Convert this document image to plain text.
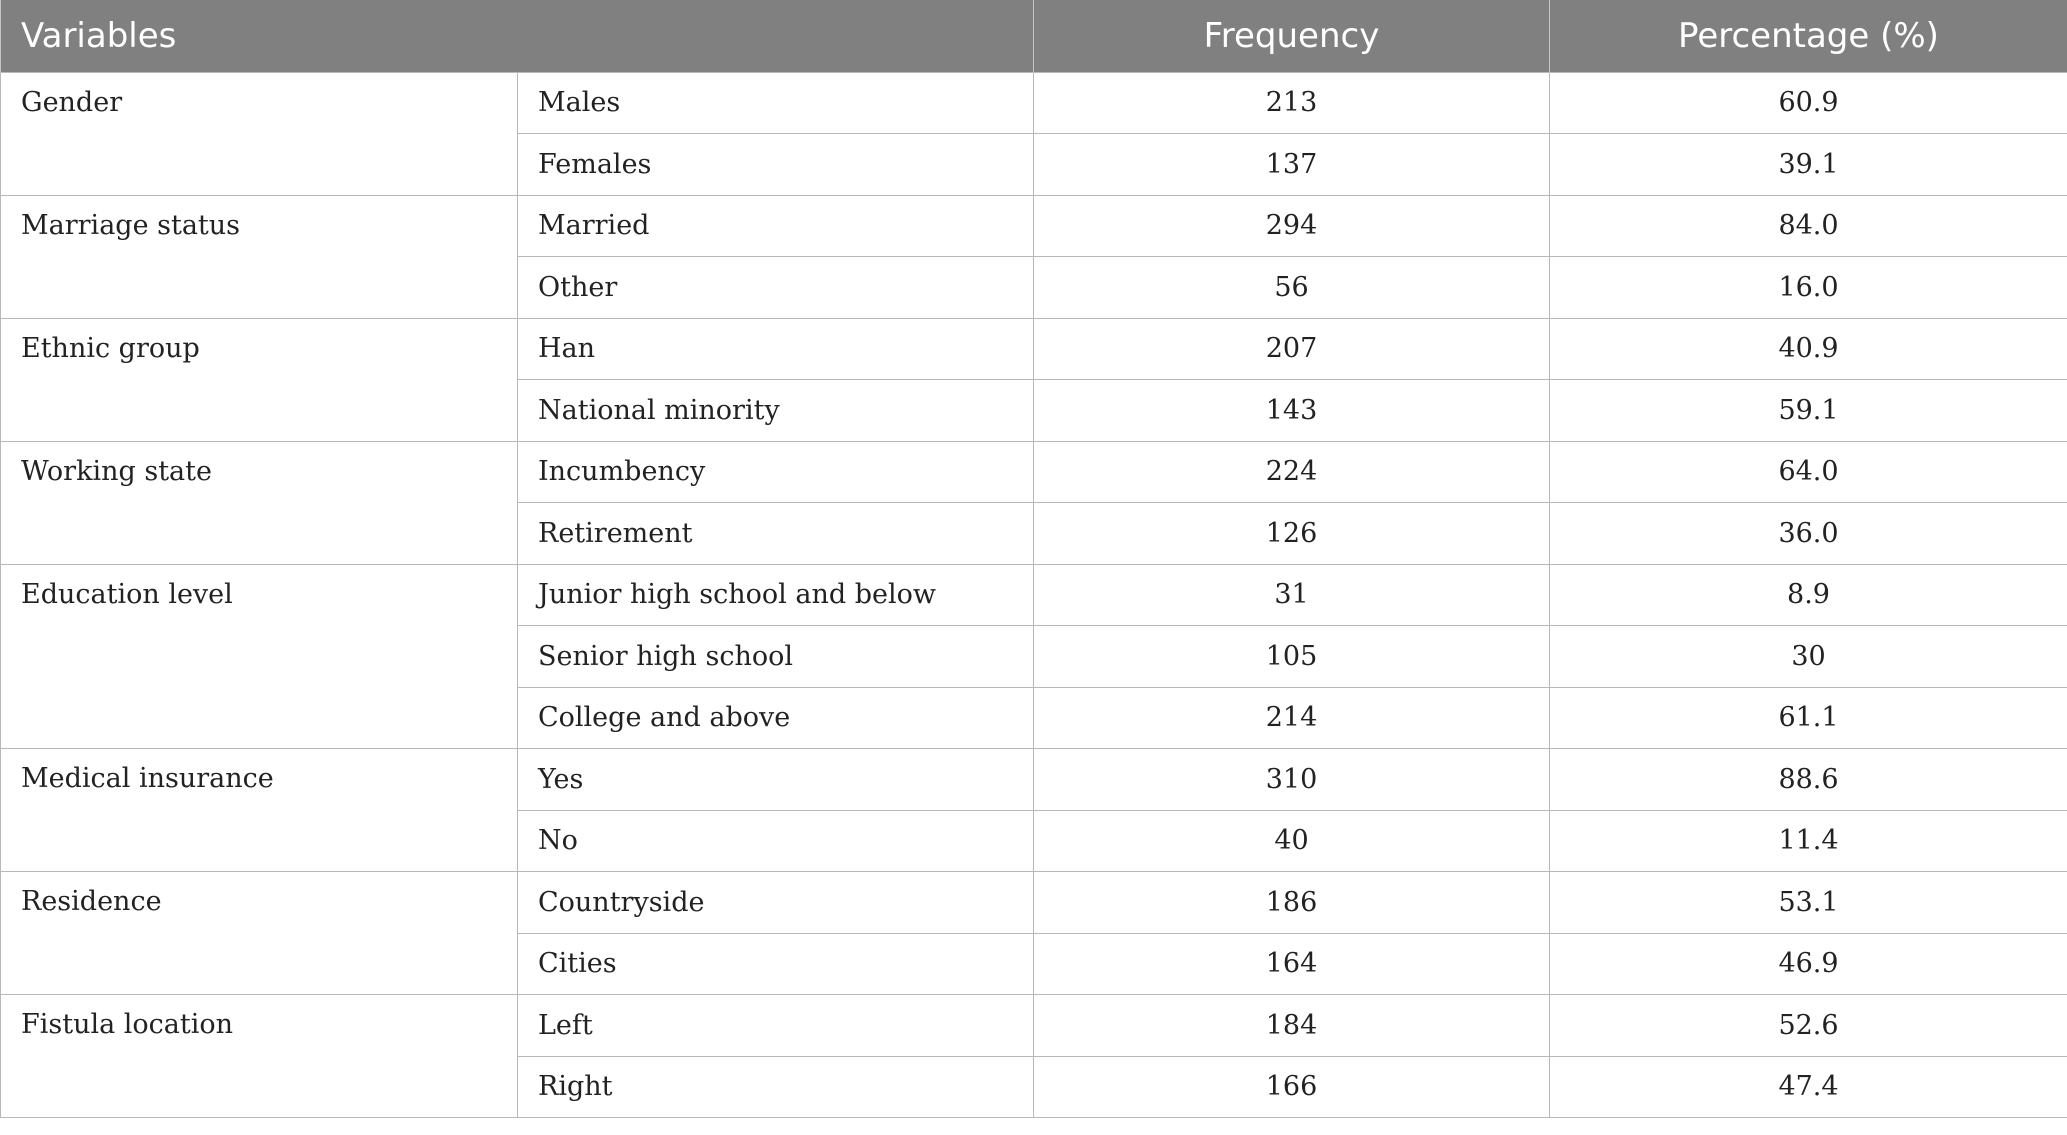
Variables		Frequency	Percentage (%)
Gender	Males	213	60.9
	Females	137	39.1
Marriage status	Married	294	84.0
	Other	56	16.0
Ethnic group	Han	207	40.9
	National minority	143	59.1
Working state	Incumbency	224	64.0
	Retirement	126	36.0
Education level	Junior high school and below	31	8.9
	Senior high school	105	30
	College and above	214	61.1
Medical insurance	Yes	310	88.6
	No	40	11.4
Residence	Countryside	186	53.1
	Cities	164	46.9
Fistula location	Left	184	52.6
	Right	166	47.4
